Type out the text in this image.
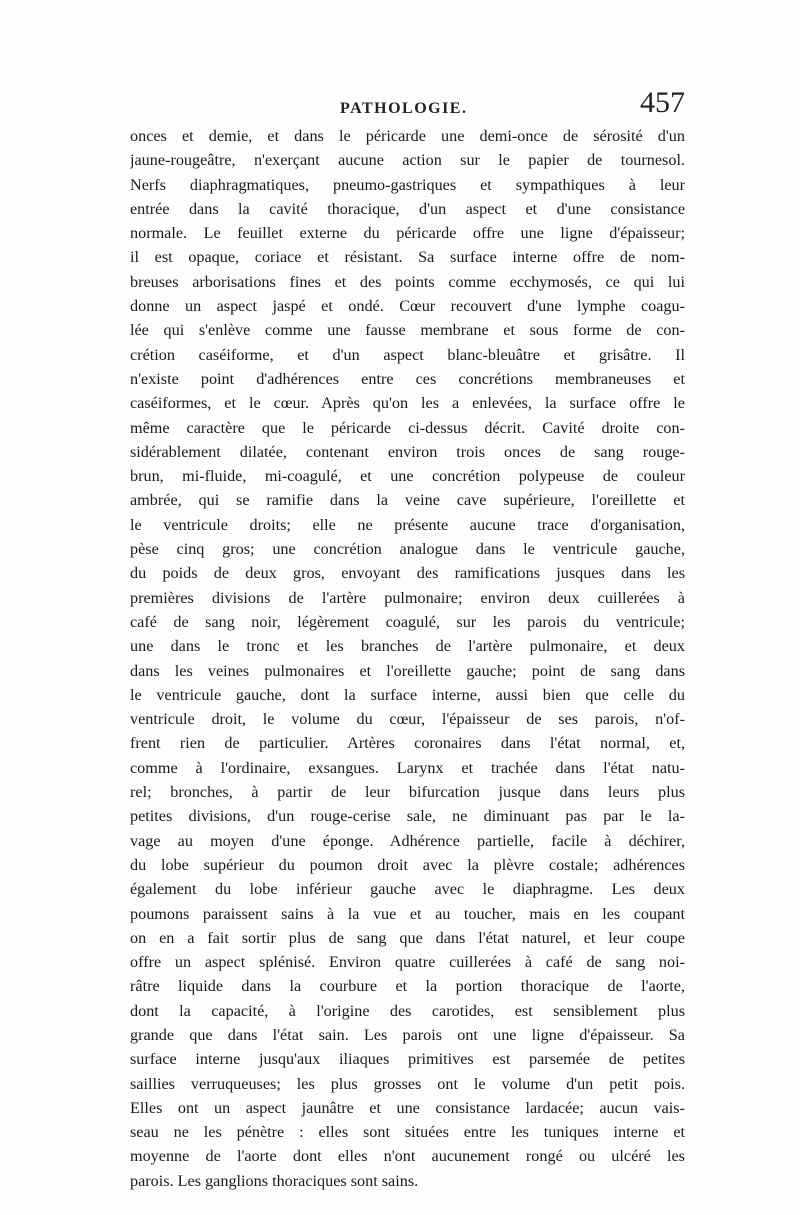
PATHOLOGIE.	457
onces et demie, et dans le péricarde une demi-once de sérosité d'un
jaune-rougeâtre, n'exerçant aucune action sur le papier de tournesol.
Nerfs diaphragmatiques, pneumo-gastriques et sympathiques à leur
entrée dans la cavité thoracique, d'un aspect et d'une consistance
normale. Le feuillet externe du péricarde offre une ligne d'épaisseur;
il est opaque, coriace et résistant. Sa surface interne offre de nom-
breuses arborisations fines et des points comme ecchymosés, ce qui lui
donne un aspect jaspé et ondé. Cœur recouvert d'une lymphe coagu-
lée qui s'enlève comme une fausse membrane et sous forme de con-
crétion caséiforme, et d'un aspect blanc-bleuâtre et grisâtre. Il
n'existe point d'adhérences entre ces concrétions membraneuses et
caséiformes, et le cœur. Après qu'on les a enlevées, la surface offre le
même caractère que le péricarde ci-dessus décrit. Cavité droite con-
sidérablement dilatée, contenant environ trois onces de sang rouge-
brun, mi-fluide, mi-coagulé, et une concrétion polypeuse de couleur
ambrée, qui se ramifie dans la veine cave supérieure, l'oreillette et
le ventricule droits; elle ne présente aucune trace d'organisation,
pèse cinq gros; une concrétion analogue dans le ventricule gauche,
du poids de deux gros, envoyant des ramifications jusques dans les
premières divisions de l'artère pulmonaire; environ deux cuillerées à
café de sang noir, légèrement coagulé, sur les parois du ventricule;
une dans le tronc et les branches de l'artère pulmonaire, et deux
dans les veines pulmonaires et l'oreillette gauche; point de sang dans
le ventricule gauche, dont la surface interne, aussi bien que celle du
ventricule droit, le volume du cœur, l'épaisseur de ses parois, n'of-
frent rien de particulier. Artères coronaires dans l'état normal, et,
comme à l'ordinaire, exsangues. Larynx et trachée dans l'état natu-
rel; bronches, à partir de leur bifurcation jusque dans leurs plus
petites divisions, d'un rouge-cerise sale, ne diminuant pas par le la-
vage au moyen d'une éponge. Adhérence partielle, facile à déchirer,
du lobe supérieur du poumon droit avec la plèvre costale; adhérences
également du lobe inférieur gauche avec le diaphragme. Les deux
poumons paraissent sains à la vue et au toucher, mais en les coupant
on en a fait sortir plus de sang que dans l'état naturel, et leur coupe
offre un aspect splénisé. Environ quatre cuillerées à café de sang noi-
râtre liquide dans la courbure et la portion thoracique de l'aorte,
dont la capacité, à l'origine des carotides, est sensiblement plus
grande que dans l'état sain. Les parois ont une ligne d'épaisseur. Sa
surface interne jusqu'aux iliaques primitives est parsemée de petites
saillies verruqueuses; les plus grosses ont le volume d'un petit pois.
Elles ont un aspect jaunâtre et une consistance lardacée; aucun vais-
seau ne les pénètre : elles sont situées entre les tuniques interne et
moyenne de l'aorte dont elles n'ont aucunement rongé ou ulcéré les
parois. Les ganglions thoraciques sont sains.
